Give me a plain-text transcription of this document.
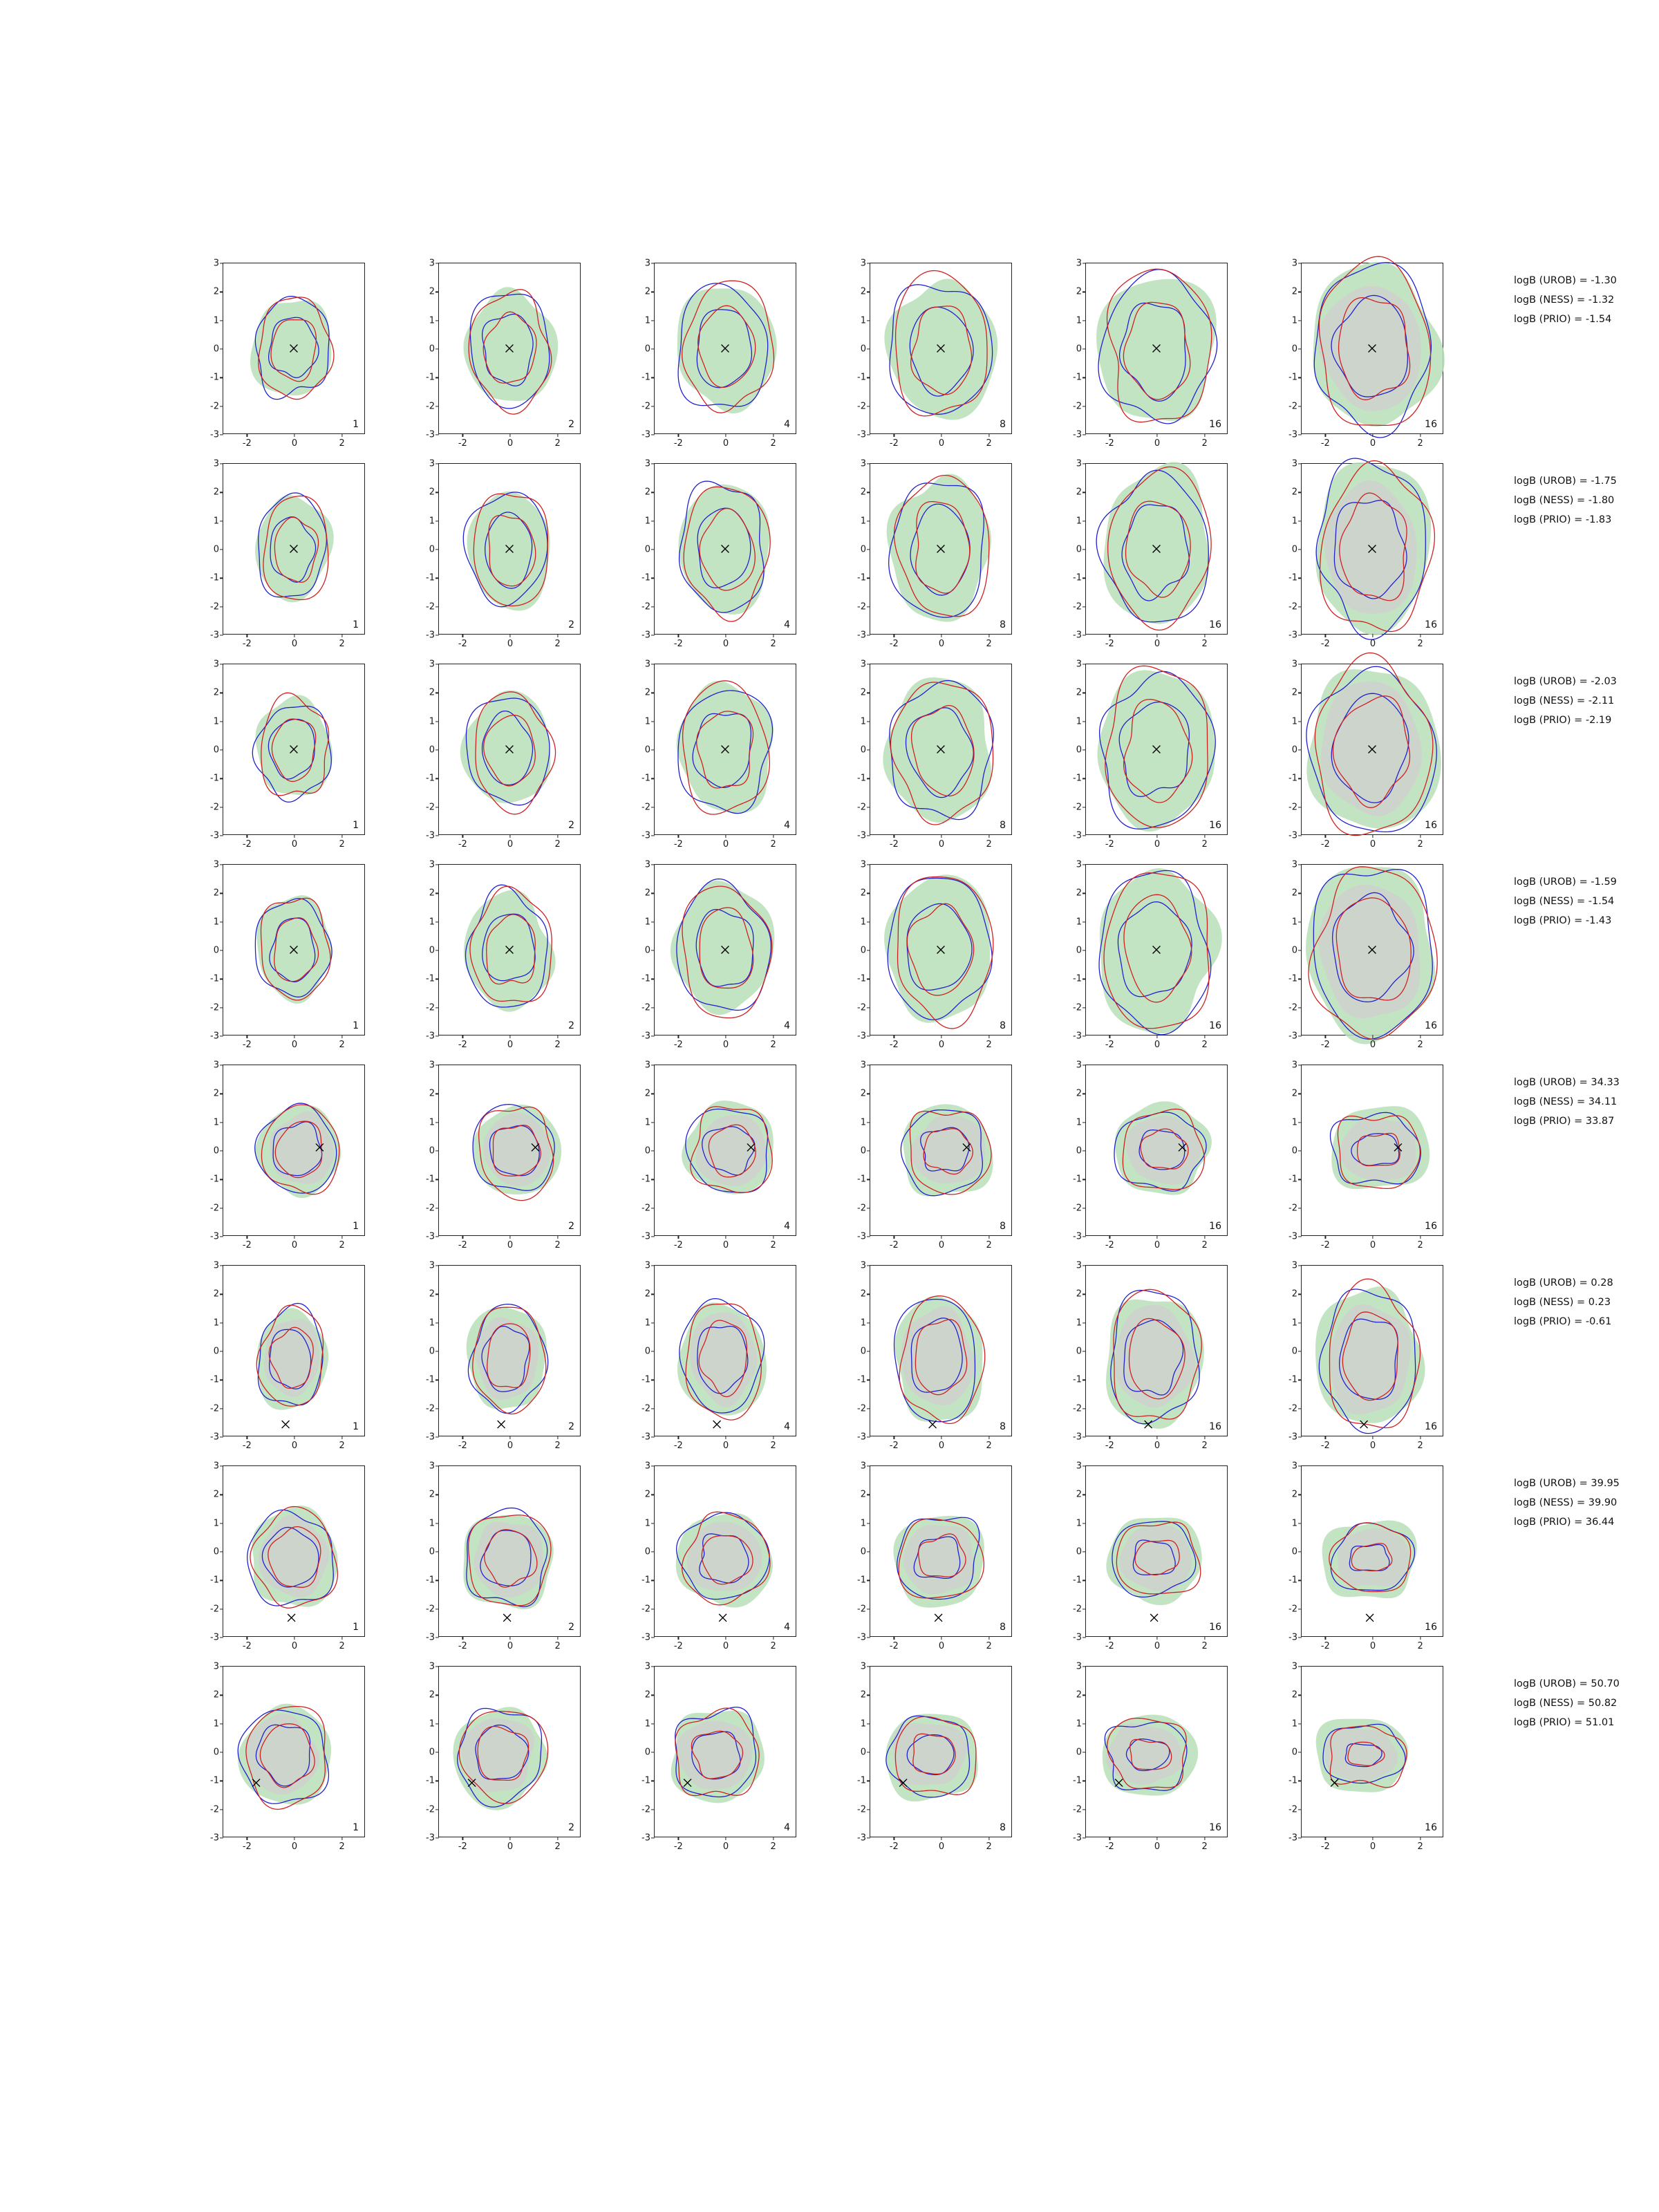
-3
-2
-1
0
1
2
3
-2	0	2
1
-3
-2
-1
0
1
2
3
-2	0	2
2
-3
-2
-1
0
1
2
3
-2	0	2
4
-3
-2
-1
0
1
2
3
-2	0	2
8
-3
-2
-1
0
1
2
3
-2	0	2
16
-3
-2
-1
0
1
2
3
-2	0	2
16
-3
-2
-1
0
1
2
3
-2	0	2
1
-3
-2
-1
0
1
2
3
-2	0	2
2
-3
-2
-1
0
1
2
3
-2	0	2
4
-3
-2
-1
0
1
2
3
-2	0	2
8
-3
-2
-1
0
1
2
3
-2	0	2
16
-3
-2
-1
0
1
2
3
-2	0	2
16
-3
-2
-1
0
1
2
3
-2	0	2
1
-3
-2
-1
0
1
2
3
-2	0	2
2
-3
-2
-1
0
1
2
3
-2	0	2
4
-3
-2
-1
0
1
2
3
-2	0	2
8
-3
-2
-1
0
1
2
3
-2	0	2
16
-3
-2
-1
0
1
2
3
-2	0	2
16
-3
-2
-1
0
1
2
3
-2	0	2
1
-3
-2
-1
0
1
2
3
-2	0	2
2
-3
-2
-1
0
1
2
3
-2	0	2
4
-3
-2
-1
0
1
2
3
-2	0	2
8
-3
-2
-1
0
1
2
3
-2	0	2
16
-3
-2
-1
0
1
2
3
-2	0	2
16
-3
-2
-1
0
1
2
3
-2	0	2
1
-3
-2
-1
0
1
2
3
-2	0	2
2
-3
-2
-1
0
1
2
3
-2	0	2
4
-3
-2
-1
0
1
2
3
-2	0	2
8
-3
-2
-1
0
1
2
3
-2	0	2
16
-3
-2
-1
0
1
2
3
-2	0	2
16
-3
-2
-1
0
1
2
3
-2	0	2
1
-3
-2
-1
0
1
2
3
-2	0	2
2
-3
-2
-1
0
1
2
3
-2	0	2
4
-3
-2
-1
0
1
2
3
-2	0	2
8
-3
-2
-1
0
1
2
3
-2	0	2
16
-3
-2
-1
0
1
2
3
-2	0	2
16
-3
-2
-1
0
1
2
3
-2	0	2
1
-3
-2
-1
0
1
2
3
-2	0	2
2
-3
-2
-1
0
1
2
3
-2	0	2
4
-3
-2
-1
0
1
2
3
-2	0	2
8
-3
-2
-1
0
1
2
3
-2	0	2
16
-3
-2
-1
0
1
2
3
-2	0	2
16
-3
-2
-1
0
1
2
3
-2	0	2
1
-3
-2
-1
0
1
2
3
-2	0	2
2
-3
-2
-1
0
1
2
3
-2	0	2
4
-3
-2
-1
0
1
2
3
-2	0	2
8
-3
-2
-1
0
1
2
3
-2	0	2
16
-3
-2
-1
0
1
2
3
-2	0	2
16
logB (UROB) = -1.30
logB (NESS) = -1.32
logB (PRIO) = -1.54
logB (UROB) = -1.75
logB (NESS) = -1.80
logB (PRIO) = -1.83
logB (UROB) = -2.03
logB (NESS) = -2.11
logB (PRIO) = -2.19
logB (UROB) = -1.59
logB (NESS) = -1.54
logB (PRIO) = -1.43
logB (UROB) = 34.33
logB (NESS) = 34.11
logB (PRIO) = 33.87
logB (UROB) = 0.28
logB (NESS) = 0.23
logB (PRIO) = -0.61
logB (UROB) = 39.95
logB (NESS) = 39.90
logB (PRIO) = 36.44
logB (UROB) = 50.70
logB (NESS) = 50.82
logB (PRIO) = 51.01
